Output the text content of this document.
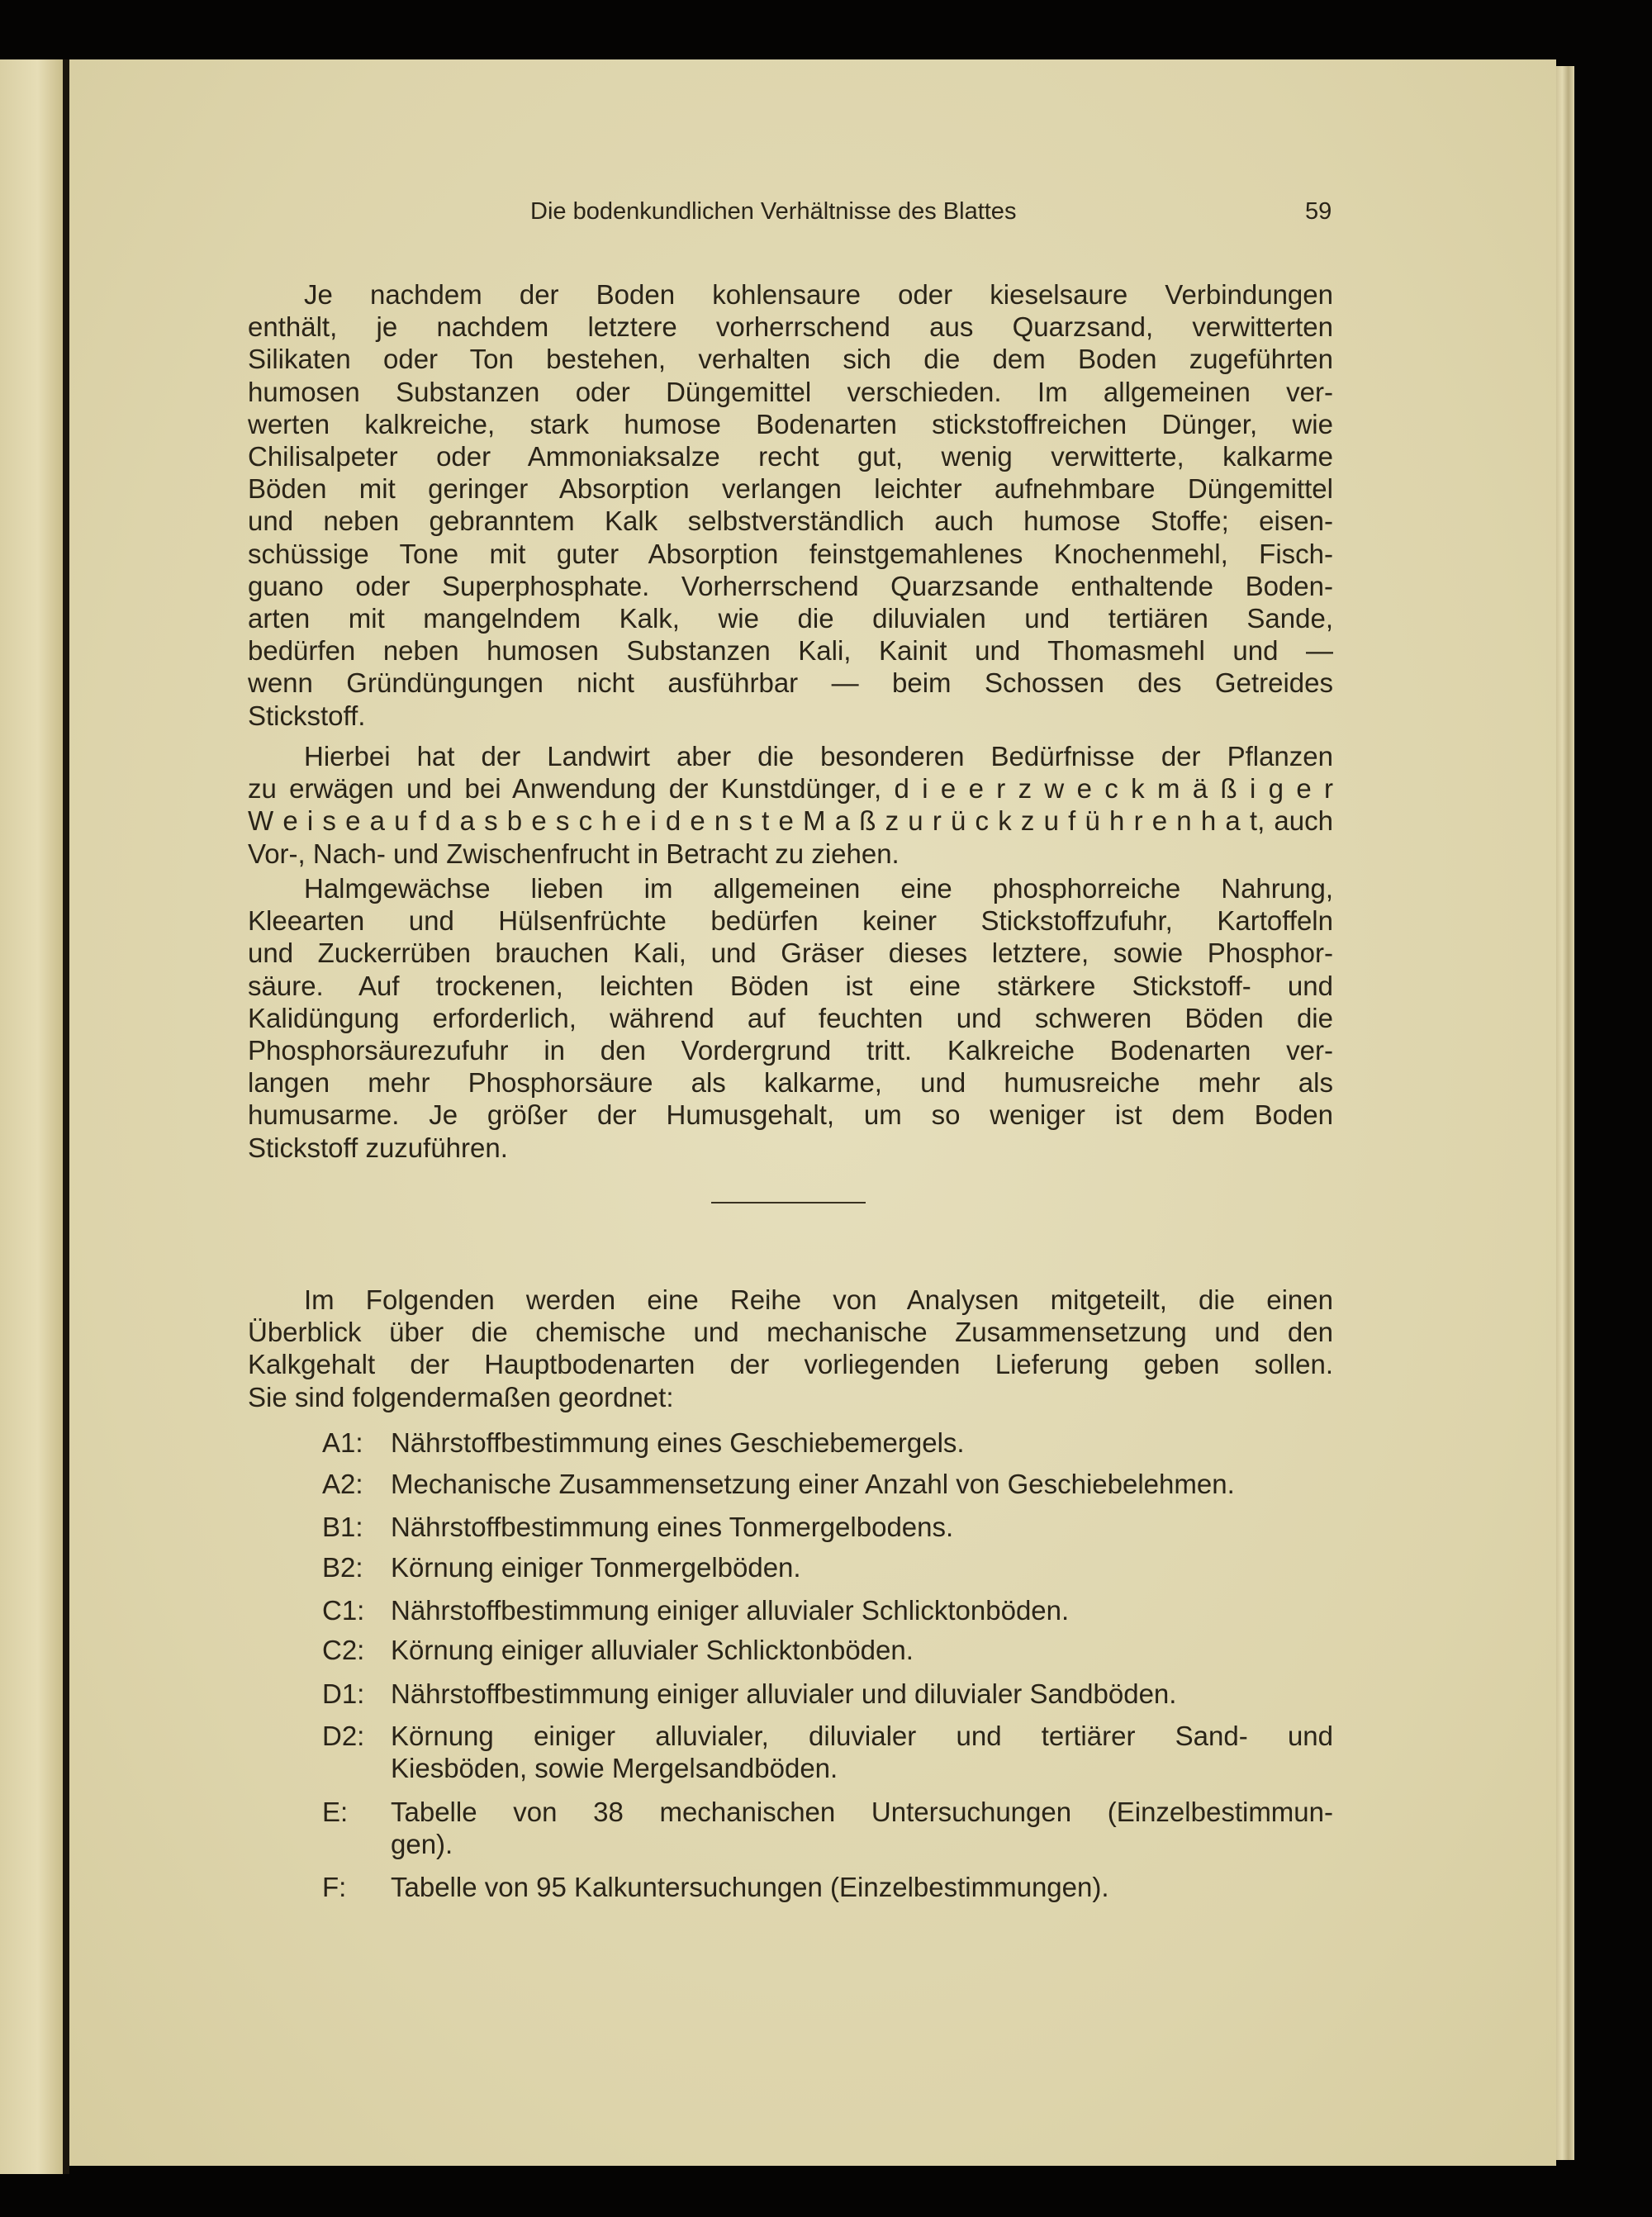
Die bodenkundlichen Verhältnisse des Blattes	59
Je nachdem der Boden kohlensaure oder kieselsaure Verbindungen
enthält, je nachdem letztere vorherrschend aus Quarzsand, verwitterten
Silikaten oder Ton bestehen, verhalten sich die dem Boden zugeführten
humosen Substanzen oder Düngemittel verschieden. Im allgemeinen ver-
werten kalkreiche, stark humose Bodenarten stickstoffreichen Dünger, wie
Chilisalpeter oder Ammoniaksalze recht gut, wenig verwitterte, kalkarme
Böden mit geringer Absorption verlangen leichter aufnehmbare Düngemittel
und neben gebranntem Kalk selbstverständlich auch humose Stoffe; eisen-
schüssige Tone mit guter Absorption feinstgemahlenes Knochenmehl, Fisch-
guano oder Superphosphate. Vorherrschend Quarzsande enthaltende Boden-
arten mit mangelndem Kalk, wie die diluvialen und tertiären Sande,
bedürfen neben humosen Substanzen Kali, Kainit und Thomasmehl und —
wenn Gründüngungen nicht ausführbar — beim Schossen des Getreides
Stickstoff.
Hierbei hat der Landwirt aber die besonderen Bedürfnisse der Pflanzen
zu erwägen und bei Anwendung der Kunstdünger, d i e e r z w e c k m ä ß i g e r
W e i s e a u f d a s b e s c h e i d e n s t e M a ß z u r ü c k z u f ü h r e n h a t, auch
Vor-, Nach- und Zwischenfrucht in Betracht zu ziehen.
Halmgewächse lieben im allgemeinen eine phosphorreiche Nahrung,
Kleearten und Hülsenfrüchte bedürfen keiner Stickstoffzufuhr, Kartoffeln
und Zuckerrüben brauchen Kali, und Gräser dieses letztere, sowie Phosphor-
säure. Auf trockenen, leichten Böden ist eine stärkere Stickstoff- und
Kalidüngung erforderlich, während auf feuchten und schweren Böden die
Phosphorsäurezufuhr in den Vordergrund tritt. Kalkreiche Bodenarten ver-
langen mehr Phosphorsäure als kalkarme, und humusreiche mehr als
humusarme. Je größer der Humusgehalt, um so weniger ist dem Boden
Stickstoff zuzuführen.
Im Folgenden werden eine Reihe von Analysen mitgeteilt, die einen
Überblick über die chemische und mechanische Zusammensetzung und den
Kalkgehalt der Hauptbodenarten der vorliegenden Lieferung geben sollen.
Sie sind folgendermaßen geordnet:
A1: Nährstoffbestimmung eines Geschiebemergels.
A2: Mechanische Zusammensetzung einer Anzahl von Geschiebelehmen.
B1: Nährstoffbestimmung eines Tonmergelbodens.
B2: Körnung einiger Tonmergelböden.
C1: Nährstoffbestimmung einiger alluvialer Schlicktonböden.
C2: Körnung einiger alluvialer Schlicktonböden.
D1: Nährstoffbestimmung einiger alluvialer und diluvialer Sandböden.
D2: Körnung einiger alluvialer, diluvialer und tertiärer Sand- und
Kiesböden, sowie Mergelsandböden.
E: Tabelle von 38 mechanischen Untersuchungen (Einzelbestimmun-
gen).
F: Tabelle von 95 Kalkuntersuchungen (Einzelbestimmungen).
